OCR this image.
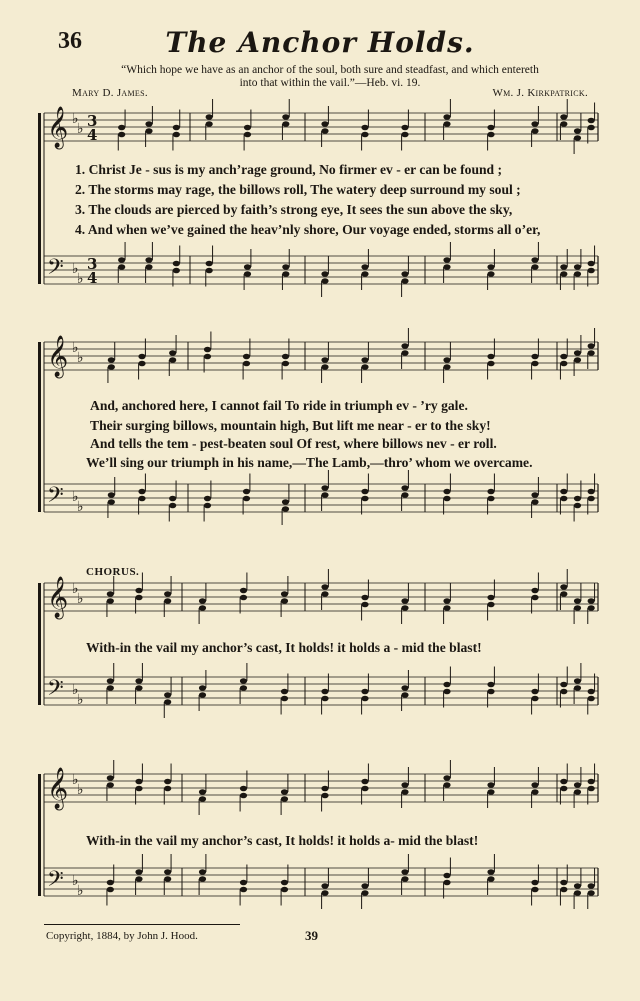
36	The Anchor Holds.
“Which hope we have as an anchor of the soul, both sure and steadfast, and which entereth
into that within the vail.”—Heb. vi. 19.
Mary D. James.	Wm. J. Kirkpatrick.
𝄞
𝄢
♭
♭
♭
♭
3
4
3
4
𝄞
𝄢
♭
♭
♭
♭
𝄞
𝄢
♭
♭
♭
♭
𝄞
𝄢
♭
♭
♭
♭
1. Christ Je - sus is my anch’rage ground, No firmer ev - er can be found ;
2. The storms may rage, the billows roll, The watery deep surround my soul ;
3. The clouds are pierced by faith’s strong eye, It sees the sun above the sky,
4. And when we’ve gained the heav’nly shore, Our voyage ended, storms all o’er,
And, anchored here, I cannot fail To ride in triumph ev - ’ry gale.
Their surging billows, mountain high, But lift me near - er to the sky!
And tells the tem - pest-beaten soul Of rest, where billows nev - er roll.
We’ll sing our triumph in his name,—The Lamb,—thro’ whom we overcame.
CHORUS.
With-in the vail my anchor’s cast, It holds! it holds a - mid the blast!
With-in the vail my anchor’s cast, It holds! it holds a- mid the blast!
Copyright, 1884, by John J. Hood.	39
